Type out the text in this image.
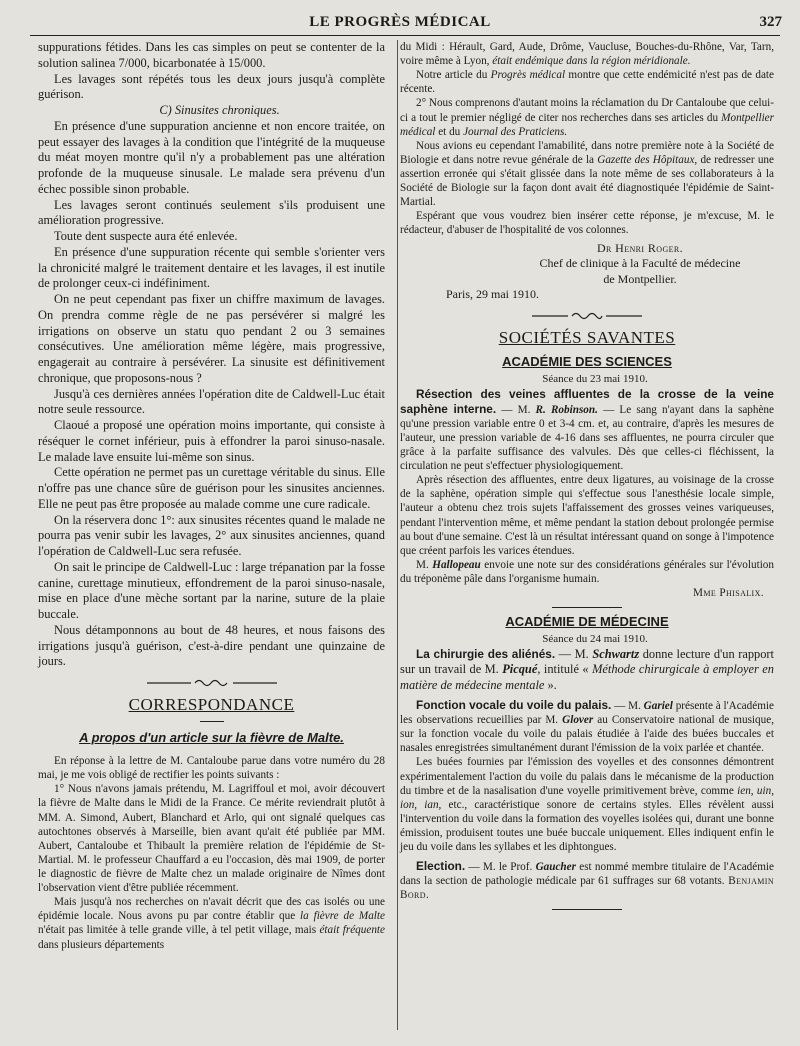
LE PROGRÈS MÉDICAL	327

suppurations fétides. Dans les cas simples on peut se contenter de la solution salinea 7/000, bicarbonatée à 15/000.

Les lavages sont répétés tous les deux jours jusqu'à complète guérison.

C) Sinusites chroniques.

En présence d'une suppuration ancienne et non encore traitée, on peut essayer des lavages à la condition que l'intégrité de la muqueuse du méat moyen montre qu'il n'y a probablement pas une altération profonde de la muqueuse sinusale. Le malade sera prévenu d'un échec possible sinon probable.

Les lavages seront continués seulement s'ils produisent une amélioration progressive.

Toute dent suspecte aura été enlevée.

En présence d'une suppuration récente qui semble s'orienter vers la chronicité malgré le traitement dentaire et les lavages, il est inutile de prolonger ceux-ci indéfiniment.

On ne peut cependant pas fixer un chiffre maximum de lavages. On prendra comme règle de ne pas persévérer si malgré les irrigations on observe un statu quo pendant 2 ou 3 semaines consécutives. Une amélioration même légère, mais progressive, engagerait au contraire à persévérer. La sinusite est définitivement chronique, que proposons-nous ?

Jusqu'à ces dernières années l'opération dite de Caldwell-Luc était notre seule ressource.

Claoué a proposé une opération moins importante, qui consiste à réséquer le cornet inférieur, puis à effondrer la paroi sinuso-nasale. Le malade lave ensuite lui-même son sinus.

Cette opération ne permet pas un curettage véritable du sinus. Elle n'offre pas une chance sûre de guérison pour les sinusites anciennes. Elle ne peut pas être proposée au malade comme une cure radicale.

On la réservera donc 1°: aux sinusites récentes quand le malade ne pourra pas venir subir les lavages, 2° aux sinusites anciennes, quand l'opération de Caldwell-Luc sera refusée.

On sait le principe de Caldwell-Luc : large trépanation par la fosse canine, curettage minutieux, effondrement de la paroi sinuso-nasale, mise en place d'une mèche sortant par la narine, suture de la plaie buccale.

Nous détamponnons au bout de 48 heures, et nous faisons des irrigations jusqu'à guérison, c'est-à-dire pendant une quinzaine de jours.

CORRESPONDANCE
A propos d'un article sur la fièvre de Malte.

En réponse à la lettre de M. Cantaloube parue dans votre numéro du 28 mai, je me vois obligé de rectifier les points suivants :

1° Nous n'avons jamais prétendu, M. Lagriffoul et moi, avoir découvert la fièvre de Malte dans le Midi de la France. Ce mérite reviendrait plutôt à MM. A. Simond, Aubert, Blanchard et Arlo, qui ont signalé quelques cas autochtones observés à Marseille, bien avant qu'ait été publiée par MM. Aubert, Cantaloube et Thibault la première relation de l'épidémie de St-Martial. M. le professeur Chauffard a eu l'occasion, dès mai 1909, de porter le diagnostic de fièvre de Malte chez un malade originaire de Nîmes dont l'observation vient d'être publiée récemment.

Mais jusqu'à nos recherches on n'avait décrit que des cas isolés ou une épidémie locale. Nous avons pu par contre établir que la fièvre de Malte n'était pas limitée à telle grande ville, à tel petit village, mais était fréquente dans plusieurs départements

du Midi : Hérault, Gard, Aude, Drôme, Vaucluse, Bouches-du-Rhône, Var, Tarn, voire même à Lyon, était endémique dans la région méridionale.

Notre article du Progrès médical montre que cette endémicité n'est pas de date récente.

2° Nous comprenons d'autant moins la réclamation du Dr Cantaloube que celui-ci a tout le premier négligé de citer nos recherches dans ses articles du Montpellier médical et du Journal des Praticiens.

Nous avions eu cependant l'amabilité, dans notre première note à la Société de Biologie et dans notre revue générale de la Gazette des Hôpitaux, de redresser une assertion erronée qui s'était glissée dans la note même de ses collaborateurs à la Société de Biologie sur la façon dont avait été diagnostiquée l'épidémie de Saint-Martial.

Espérant que vous voudrez bien insérer cette réponse, je m'excuse, M. le rédacteur, d'abuser de l'hospitalité de vos colonnes.

Dr Henri Roger.

Chef de clinique à la Faculté de médecine

de Montpellier.

Paris, 29 mai 1910.

SOCIÉTÉS SAVANTES
ACADÉMIE DES SCIENCES

Séance du 23 mai 1910.

Résection des veines affluentes de la crosse de la veine saphène interne. — M. R. Robinson. — Le sang n'ayant dans la saphène qu'une pression variable entre 0 et 3-4 cm. et, au contraire, d'après les mesures de l'auteur, une pression variable de 4-16 dans ses affluentes, ne pourra circuler que grâce à la parfaite suffisance des valvules. Dès que celles-ci fléchissent, la circulation ne peut s'effectuer physiologiquement.

Après résection des affluentes, entre deux ligatures, au voisinage de la crosse de la saphène, opération simple qui s'effectue sous l'anesthésie locale simple, l'auteur a obtenu chez trois sujets l'affaissement des grosses veines variqueuses, pendant l'intervention même, et même pendant la station debout prolongée permise au bout d'une semaine. C'est là un résultat intéressant quand on songe à l'impotence que créent parfois les varices étendues.

M. Hallopeau envoie une note sur des considérations générales sur l'évolution du tréponème pâle dans l'organisme humain.

Mme Phisalix.

ACADÉMIE DE MÉDECINE

Séance du 24 mai 1910.

La chirurgie des aliénés. — M. Schwartz donne lecture d'un rapport sur un travail de M. Picqué, intitulé « Méthode chirurgicale à employer en matière de médecine mentale ».

Fonction vocale du voile du palais. — M. Gariel présente à l'Académie les observations recueillies par M. Glover au Conservatoire national de musique, sur la fonction vocale du voile du palais étudiée à l'aide des buées buccales et nasales enregistrées simultanément durant l'émission de la voix parlée et chantée.

Les buées fournies par l'émission des voyelles et des consonnes démontrent expérimentalement l'action du voile du palais dans le mécanisme de la production du timbre et de la nasalisation d'une voyelle primitivement brève, comme ien, uin, ion, ian, etc., caractéristique sonore de certains styles. Elles révèlent aussi l'intervention du voile dans la formation des voyelles isolées qui, durant une bonne émission, produisent toutes une buée buccale uniquement. Elles indiquent enfin le jeu du voile dans les syllabes et les diphtongues.

Election. — M. le Prof. Gaucher est nommé membre titulaire de l'Académie dans la section de pathologie médicale par 61 suffrages sur 68 votants. Benjamin Bord.
